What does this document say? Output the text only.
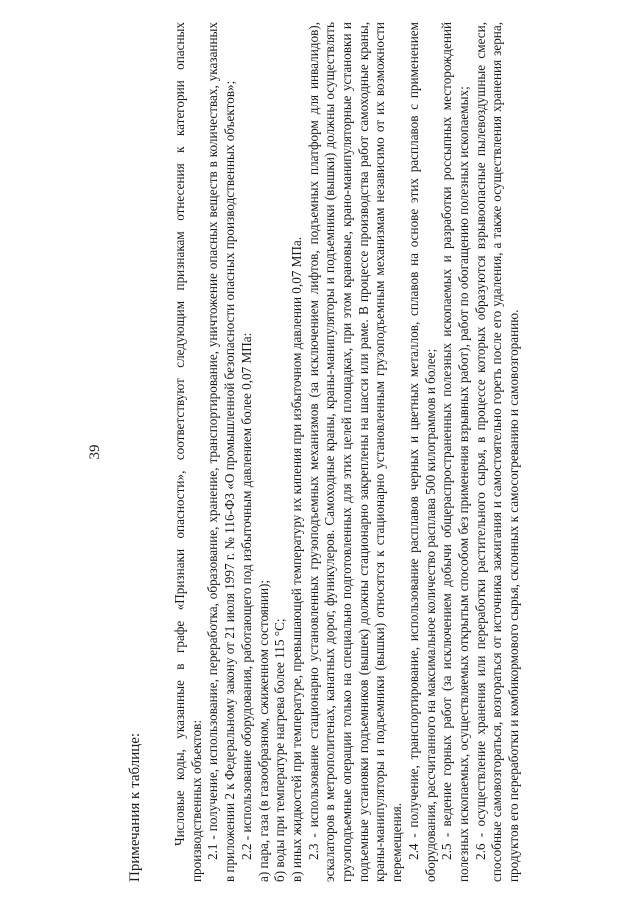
39
Примечания к таблице: Числовые коды, указанные в графе «Признаки опасности», соответствуют следующим признакам отнесения к категории опасных производственных объектов: 2.1 - получение, использование, переработка, образование, хранение, транспортирование, уничтожение опасных веществ в количествах, указанных в приложении 2 к Федеральному закону от 21 июля 1997 г. № 116-ФЗ «О промышленной безопасности опасных производственных объектов»; 2.2 - использование оборудования, работающего под избыточным давлением более 0,07 МПа: а) пара, газа (в газообразном, сжиженном состоянии); б) воды при температуре нагрева более 115 °С; в) иных жидкостей при температуре, превышающей температуру их кипения при избыточном давлении 0,07 МПа. 2.3 - использование стационарно установленных грузоподъемных механизмов (за исключением лифтов, подъемных платформ для инвалидов), эскалаторов в метрополитенах, канатных дорог, фуникулеров. Самоходные краны, краны-манипуляторы и подъемники (вышки) должны осуществлять грузоподъемные операции только на специально подготовленных для этих целей площадках, при этом крановые, крано-манипуляторные установки и подъемные установки подъемников (вышек) должны стационарно закреплены на шасси или раме. В процессе производства работ самоходные краны, краны-манипуляторы и подъемники (вышки) относятся к стационарно установленным грузоподъемным механизмам независимо от их возможности перемещения. 2.4 - получение, транспортирование, использование расплавов черных и цветных металлов, сплавов на основе этих расплавов с применением оборудования, рассчитанного на максимальное количество расплава 500 килограммов и более; 2.5 - ведение горных работ (за исключением добычи общераспространенных полезных ископаемых и разработки россыпных месторождений полезных ископаемых, осуществляемых открытым способом без применения взрывных работ), работ по обогащению полезных ископаемых; 2.6 - осуществление хранения или переработки растительного сырья, в процессе которых образуются взрывоопасные пылевоздушные смеси, способные самовозгораться, возгораться от источника зажигания и самостоятельно гореть после его удаления, а также осуществления хранения зерна, продуктов его переработки и комбикормового сырья, склонных к самосогреванию и самовозгоранию.
